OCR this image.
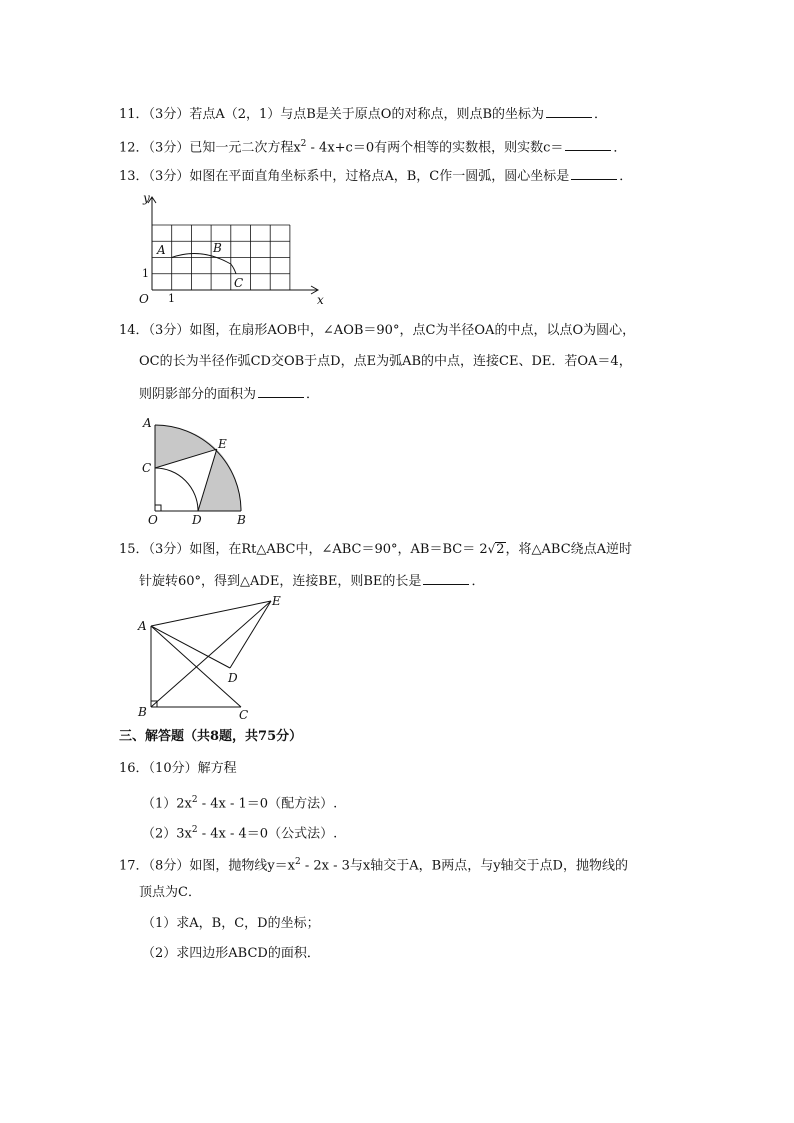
11．（3分）若点A（2，1）与点B是关于原点O的对称点，则点B的坐标为	．
12．（3分）已知一元二次方程$x^2 - 4x+c=0$有两个相等的实数根，则实数c＝	．
13．（3分）如图在平面直角坐标系中，过格点A，B，C作一圆弧，圆心坐标是	．
y
x
O 1
1
A	B
C
14．（3分）如图，在扇形AOB中，∠AOB＝90°，点C为半径OA的中点，以点O为圆心，
OC的长为半径作弧CD交OB于点D，点E为弧AB的中点，连接CE、DE．若OA＝4，
则阴影部分的面积为	．
A
E
C
O	D	B
15．（3分）如图，在Rt△ABC中，∠ABC＝90°，AB＝BC＝ 2√2，将△ABC绕点A逆时
针旋转60°，得到△ADE，连接BE，则BE的长是	．
A
E
D
B	C
三、解答题（共8题，共75分）
16．（10分）解方程
$(1)2x^2 - 4x - 1=0$（配方法）.
$(2)3x^2 - 4x - 4=0$（公式法）.
17．（8分）如图，抛物线$y=x^2 - 2x - 3$与x轴交于A，B两点，与y轴交于点D，抛物线的
顶点为C．
（1）求A，B，C，D的坐标；
（2）求四边形ABCD的面积．
